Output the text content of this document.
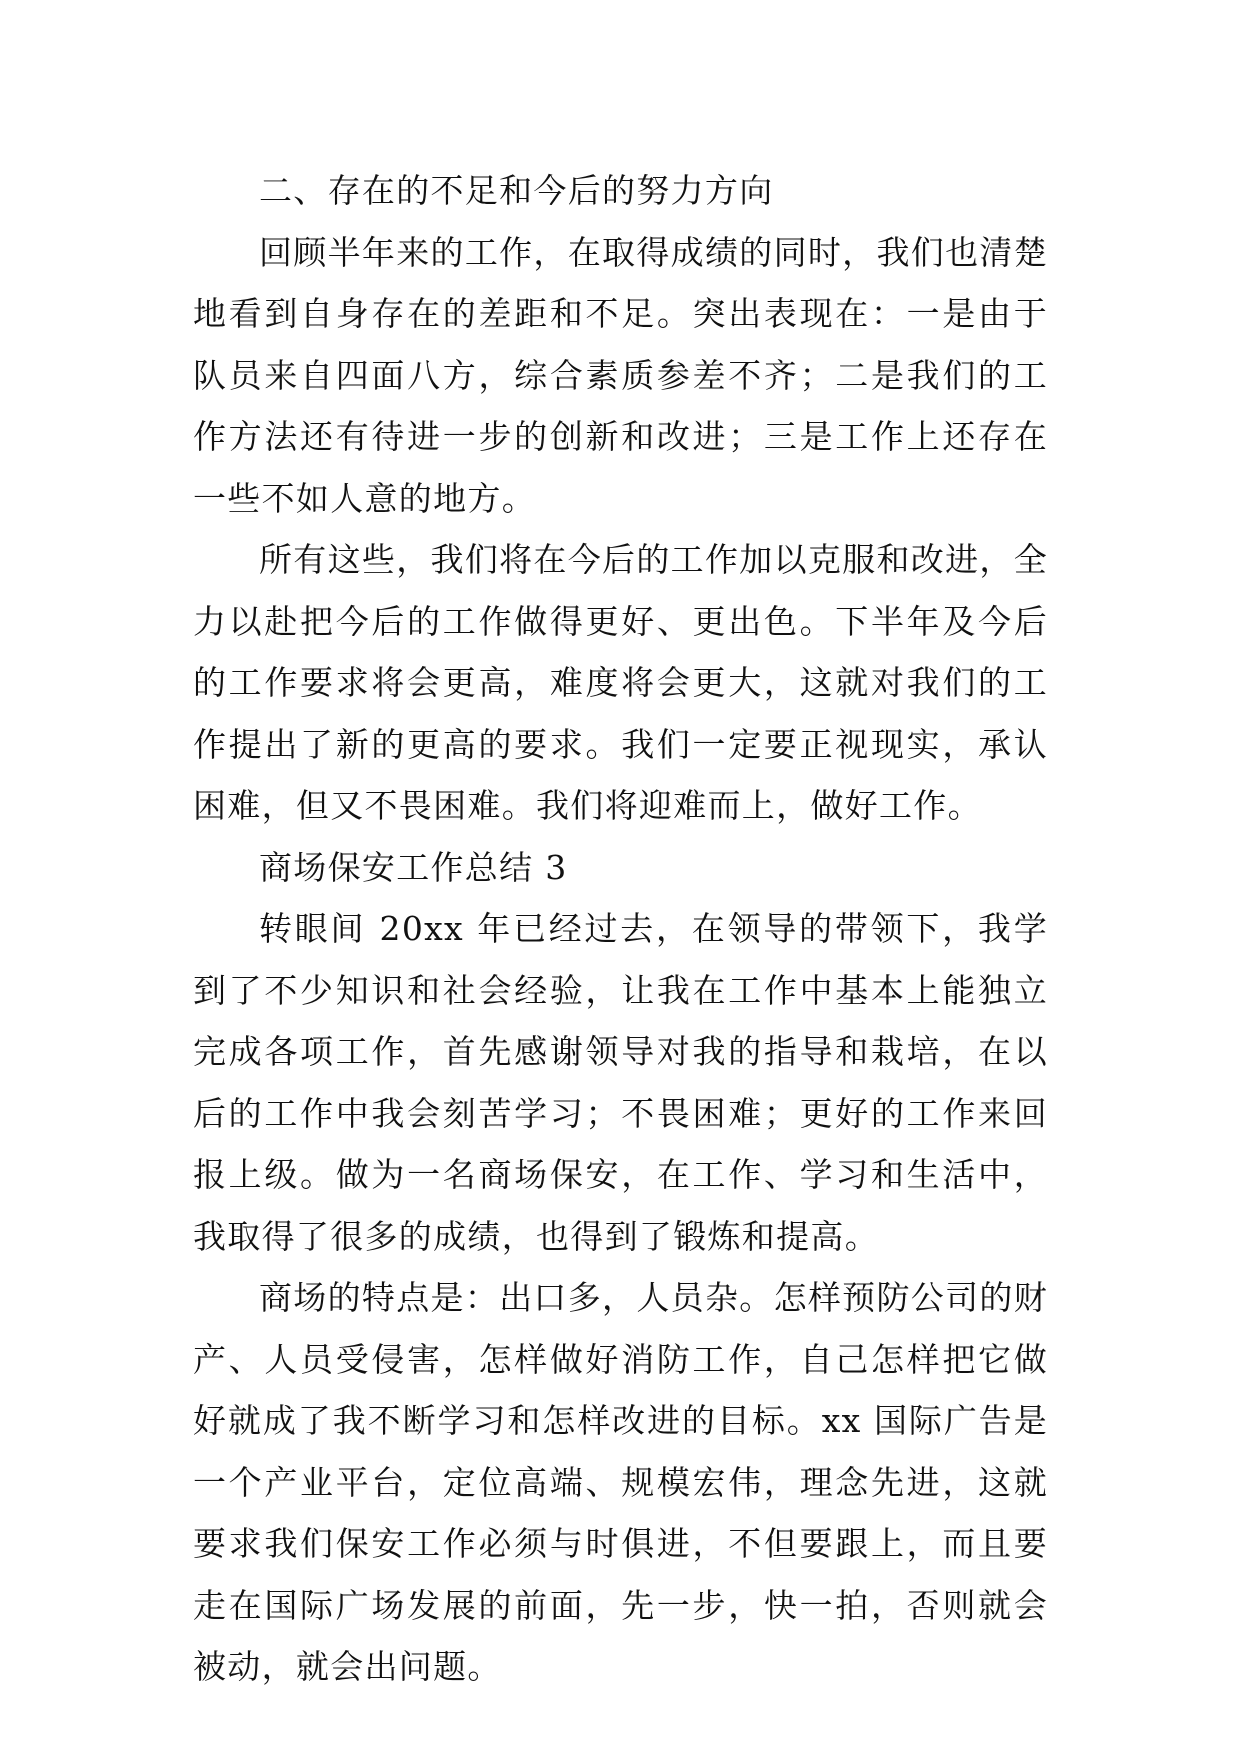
二、存在的不足和今后的努力方向

回顾半年来的工作，在取得成绩的同时，我们也清楚地看到自身存在的差距和不足。突出表现在：一是由于队员来自四面八方，综合素质参差不齐；二是我们的工作方法还有待进一步的创新和改进；三是工作上还存在一些不如人意的地方。

所有这些，我们将在今后的工作加以克服和改进，全力以赴把今后的工作做得更好、更出色。下半年及今后的工作要求将会更高，难度将会更大，这就对我们的工作提出了新的更高的要求。我们一定要正视现实，承认困难，但又不畏困难。我们将迎难而上，做好工作。

商场保安工作总结 3

转眼间 20xx 年已经过去，在领导的带领下，我学到了不少知识和社会经验，让我在工作中基本上能独立完成各项工作，首先感谢领导对我的指导和栽培，在以后的工作中我会刻苦学习；不畏困难；更好的工作来回报上级。做为一名商场保安，在工作、学习和生活中，我取得了很多的成绩，也得到了锻炼和提高。

商场的特点是：出口多，人员杂。怎样预防公司的财产、人员受侵害，怎样做好消防工作，自己怎样把它做好就成了我不断学习和怎样改进的目标。xx 国际广告是一个产业平台，定位高端、规模宏伟，理念先进，这就要求我们保安工作必须与时俱进，不但要跟上，而且要走在国际广场发展的前面，先一步，快一拍，否则就会被动，就会出问题。
